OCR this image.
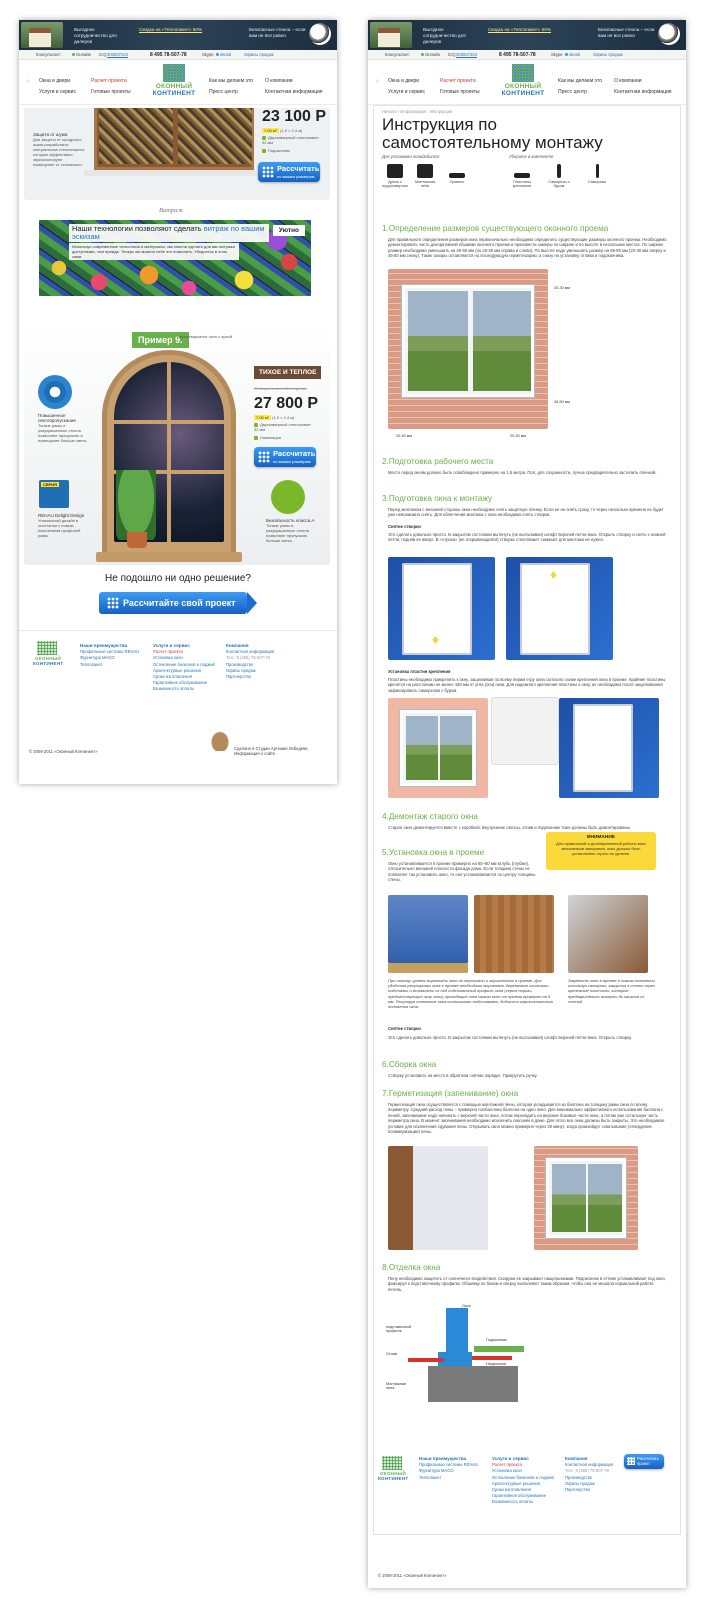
Выгодное сотрудничество для дилеров
Скидка на «Теплопакет» 50%	Безопасные стекла – если вам не все равно
Консультант:	Онлайн ICQ 303837234	8 495 78-507-78	Skype	okonti	Офисы продаж
⌂ Окна и двери	Расчет проекта
Услуги и сервис	Готовые проекты
Как мы делаем это О компании
Пресс центр	Контактная информация
ОКОННЫЙ
КОНТИНЕНТ
23 100 Р
7.00 м² (1,9 × 2,4 м)
Двухкамерный стеклопакет 32 мм
Подоконник
Рассчитать
по вашим размерам
Защита от шума
Для защиты от городского шума разработаны специальные стеклопакеты которые эффективно звукоизолируют помещение от стекаемого.
Витраж
Наши технологии позволяют сделать витраж по вашим эскизам
Используя современные технологии и материалы, мы смогли сделать для вас витражи доступными, чем прежде. Теперь вы можете себе это позволить. Убедитесь в этом сами.
Уютно
Пример 9.
Одностворчатое окно с аркой
ТИХОЕ И ТЕПЛОЕ
Стоимость окна без отделки
27 800 Р
7.00 м² (1,9 × 2,4 м)
Двухкамерный стеклопакет 32 мм
Ламинация
Рассчитать
по вашим размерам
Повышенное светопропускание
Тонкие рамы и разукрашенные стекла позволяют пропускать в помещение больше света.
СЕРИЯ
REHAU Delight Design
Уникальный дизайн в сочетании с новым поколением профилей рамы.
Безопасность класса А
Тонкие рамы и разукрашенные стекла позволяют пропускать больше света.
Не подошло ни одно решение?
Рассчитайте свой проект
ОКОННЫЙ
КОНТИНЕНТ
Наши преимущества
Профильные системы REHAU
Фурнитура MACO
Теплопакет
Услуги и сервис
Расчет проекта
Установка окон
Остекление балконов и лоджий
Архитектурные решения
Сроки изготовления
Гарантийное обслуживание
Возможность оплаты
Компания
Контактная информация
Тел.: 8 (495) 78-507-78
Производство
Офисы продаж
Партнерство
© 2009-2011 «Оконный Континент»
Сделано в Студии Артемия Лебедева
Информация о сайте
Выгодное сотрудничество для дилеров
Скидка на «Теплопакет» 50%	Безопасные стекла – если вам не все равно
Консультант:	Онлайн ICQ 303837234	8 495 78-507-78	Skype	okonti	Офисы продаж
⌂ Окна и двери	Расчет проекта
Услуги и сервис	Готовые проекты
Как мы делаем это О компании
Пресс центр	Контактная информация
ОКОННЫЙ
КОНТИНЕНТ
Начало › Информация › Инструкции
Инструкция по самостоятельному монтажу
Для установки понадобится	Уберите в комплекте
Дрель с шуруповертом
Монтажная пена
Уровень	Пластины крепления
Саморезы с буром
Саморезы
1.Определение размеров существующего оконного проема
Для правильного определения размеров окна первоначально необходимо определить существующие размеры оконного проема. Необходимо демонтировать часть декоративной обшивки оконного проема и произвести замеры по ширине и по высоте в нескольких местах. По ширине размер необходимо уменьшить на 40-60 мм (по 20-30 мм справа и слева). По высоте надо уменьшить размер на 65-80 мм (20-30 мм сверху и 45-50 мм снизу). Такие зазоры оставляются на последующую герметизацию; а снизу на установку отлива и подоконника.
20-30 мм
45-50 мм
20-30 мм	20-30 мм
2.Подготовка рабочего места
Место перед окном должно быть освобождено примерно на 1,5 метра. Пол, для сохранности, лучше предварительно застелить пленкой.
3.Подготовка окна к монтажу
Перед монтажом с внешней стороны окна необходимо снять защитную пленку. Если ее не снять сразу, то через несколько времени ее будет уже невозможно снять. Для облегчения монтажа с окна необходимо снять створки.
Снятие створки
Это сделать довольно просто. В закрытом состоянии вытянуть (не вытаскивая) штифт верхней петли вниз. Открыть створку и снять с нижней петли, подняв ее вверх. В «глухом» (не открывающейся) створке стеклопакет снимают для монтажа не нужно.
Установка пластин крепления
Пластины необходимо прикрепить к окну, защелкивая по всему перим етру окна согласно схеме крепления окна в проеме. Крайние пластины крепятся на расстоянии не менее 150 мм от угла (оси) окна. Для надежного крепления пластины к окну, их необходимо после защелкивания зафиксировать саморезом с буром.
4.Демонтаж старого окна
Старое окно демонтируется вместе с коробкой. Внутренние откосы, отлив и подоконник тоже должны быть демонтированы.
5.Установка окна в проеме
Окно устанавливается в проеме примерно на 60–80 мм вглубь (глубже), относительно внешней плоскости фасада дома. Если толщина стены не позволяет так установить окно, то оно устанавливается по центру толщины стены.
ВНИМАНИЕ
Для правильной и долговременной работы всех механизмов запирания, окно должно быть установлено строго по уровню.
При помощи уровня выровнять окно по вертикали и горизонтали в проеме. Для удобства регулировки окна в проеме необходимо выровнять деревянные клинышки-подставки и вставлять их под подставочный профиль окна (серые пороги, предшествующие окну зоны) проходящие тем самым окно от проема примерно на 5 мм. Регулируя положение окна клинышками-подставками, добиться горизонтального положения окна.
Закрепить окно в проеме в таком положении, используя саморезы, закрутив в стены через крепежные пластины, которые предварительно выгнуть до касания со стеной
Снятие створки
Это сделать довольно просто. В закрытом состоянии вытянуть (не вытаскивая) штифт верхней петли вниз. Открыть створку.
6.Сборка окна
Створку установить на место в обратном снятию порядке. Прикрутить ручку.
7.Герметизация (запенивание) окна
Герметизация окна осуществляется с помощью монтажной пены, которая укладывается из баллона на толщину рамы окна по всему периметру. Средний расход пены – примерно полбаллона баллона на одно окно. Для максимально эффективного использования баллона с пеной, запенивание надо начинать с верхней части окна, потом переходить на верхние боковые части окна, а потом уже остальную часть периметра окна. В момент запенивания необходимо исключить сквозняк в доме. Для этого все окна должны быть закрыты. Это необходимое условие для исключения сдувания пены. Открывать окно можно примерно через 30 минут, когда произойдет схватывание (отвердение полимеризации) пены.
8.Отделка окна
Пену необходимо защитить от солнечного воздействия. Снаружи ее закрывают нащельниками. Подоконник в оттиве устанавливают под окно, фиксируя к подставочному профилю. Обшивку по бокам и сверху выполняют таким образом, чтобы она не мешала нормальной работе петель.
Окно
подставочный профиль
Подоконник
Отлив
Нащельник
Монтажная пена
© 2009-2011 «Оконный Континент»
ОКОННЫЙ
КОНТИНЕНТ
Наши преимущества
Профильные системы REHAU
Фурнитура MACO
Теплопакет
Услуги и сервис
Расчет проекта
Установка окон
Остекление балконов и лоджий
Архитектурные решения
Сроки изготовления
Гарантийное обслуживание
Возможность оплаты
Компания
Контактная информация
Тел.: 8 (495) 78-507-78
Производство
Офисы продаж
Партнерство
Рассчитать проект
